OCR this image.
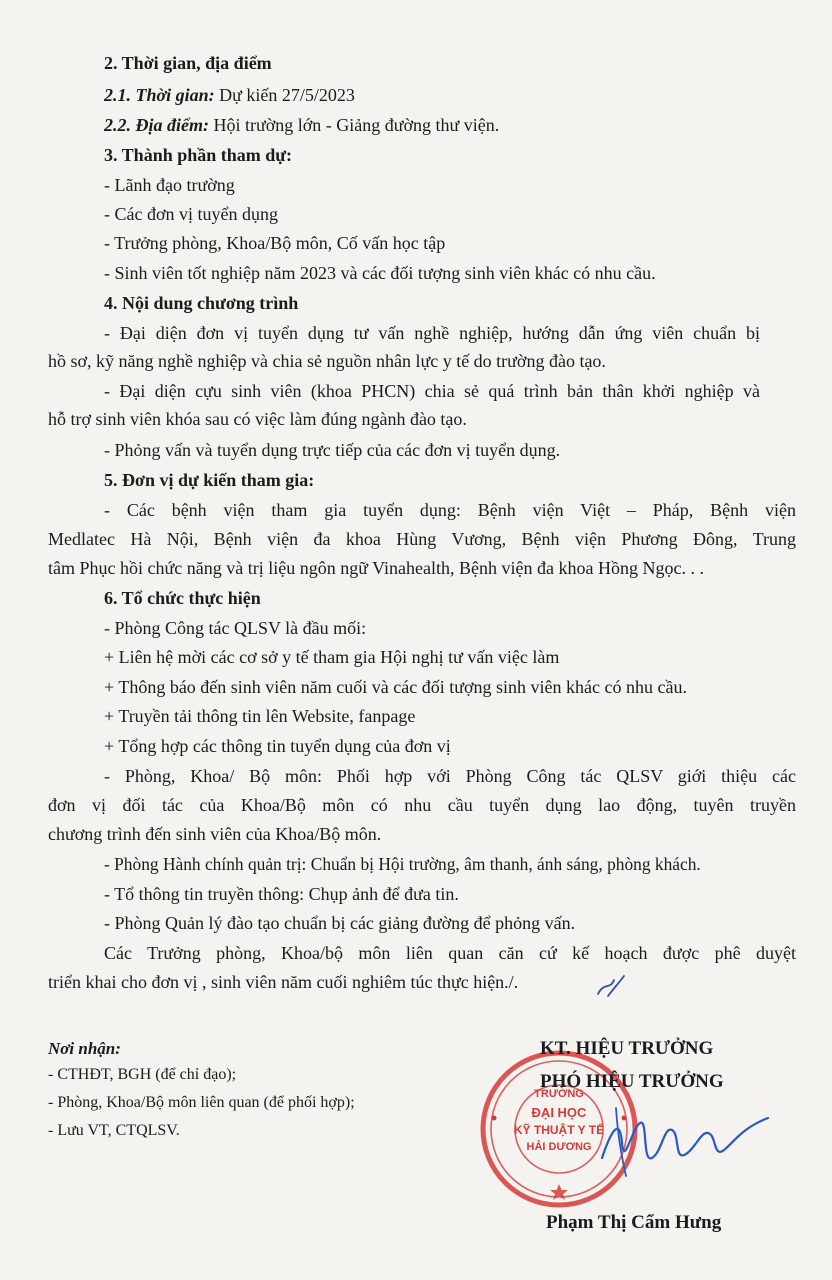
2. Thời gian, địa điểm
2.1. Thời gian: Dự kiến 27/5/2023
2.2. Địa điểm: Hội trường lớn - Giảng đường thư viện.
3. Thành phần tham dự:
- Lãnh đạo trường
- Các đơn vị tuyển dụng
- Trưởng phòng, Khoa/Bộ môn, Cố vấn học tập
- Sinh viên tốt nghiệp năm 2023 và các đối tượng sinh viên khác có nhu cầu.
4. Nội dung chương trình
- Đại diện đơn vị tuyển dụng tư vấn nghề nghiệp, hướng dẫn ứng viên chuẩn bị
hồ sơ, kỹ năng nghề nghiệp và chia sẻ nguồn nhân lực y tế do trường đào tạo.
- Đại diện cựu sinh viên (khoa PHCN) chia sẻ quá trình bản thân khởi nghiệp và
hỗ trợ sinh viên khóa sau có việc làm đúng ngành đào tạo.
- Phỏng vấn và tuyển dụng trực tiếp của các đơn vị tuyển dụng.
5. Đơn vị dự kiến tham gia:
- Các bệnh viện tham gia tuyển dụng: Bệnh viện Việt – Pháp, Bệnh viện
Medlatec Hà Nội, Bệnh viện đa khoa Hùng Vương, Bệnh viện Phương Đông, Trung
tâm Phục hồi chức năng và trị liệu ngôn ngữ Vinahealth, Bệnh viện đa khoa Hồng Ngọc. . .
6. Tổ chức thực hiện
- Phòng Công tác QLSV là đầu mối:
+ Liên hệ mời các cơ sở y tế tham gia Hội nghị tư vấn việc làm
+ Thông báo đến sinh viên năm cuối và các đối tượng sinh viên khác có nhu cầu.
+ Truyền tải thông tin lên Website, fanpage
+ Tổng hợp các thông tin tuyển dụng của đơn vị
- Phòng, Khoa/ Bộ môn: Phối hợp với Phòng Công tác QLSV giới thiệu các
đơn vị đối tác của Khoa/Bộ môn có nhu cầu tuyển dụng lao động, tuyên truyền
chương trình đến sinh viên của Khoa/Bộ môn.
- Phòng Hành chính quản trị: Chuẩn bị Hội trường, âm thanh, ánh sáng, phòng khách.
- Tổ thông tin truyền thông: Chụp ảnh để đưa tin.
- Phòng Quản lý đào tạo chuẩn bị các giảng đường để phỏng vấn.
Các Trưởng phòng, Khoa/bộ môn liên quan căn cứ kế hoạch được phê duyệt
triển khai cho đơn vị , sinh viên năm cuối nghiêm túc thực hiện./.
Nơi nhận:
- CTHĐT, BGH (để chỉ đạo);
- Phòng, Khoa/Bộ môn liên quan (để phối hợp);
- Lưu VT, CTQLSV.
TRƯỜNG
ĐẠI HỌC
KỸ THUẬT Y TẾ
HẢI DƯƠNG
KT. HIỆU TRƯỞNG
PHÓ HIỆU TRƯỞNG
Phạm Thị Cẩm Hưng
